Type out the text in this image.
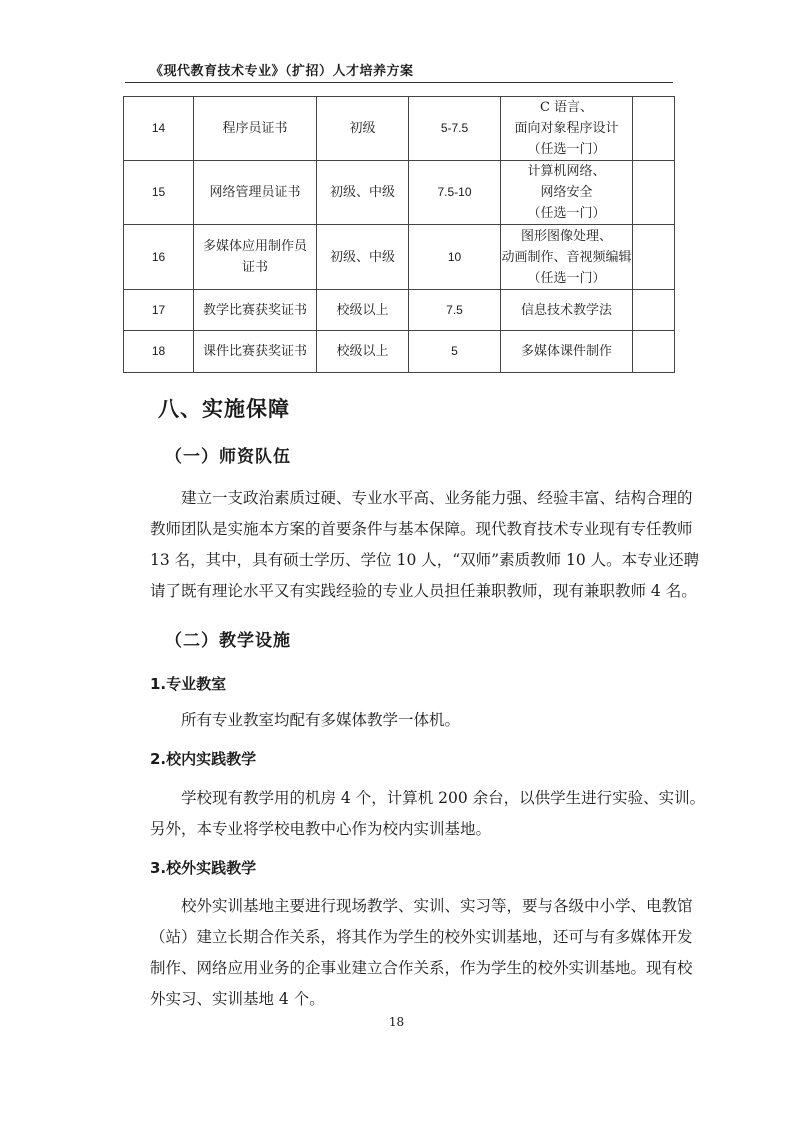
《现代教育技术专业》（扩招）人才培养方案
14	程序员证书	初级	5-7.5	C 语言、
面向对象程序设计
（任选一门）	

15	网络管理员证书	初级、中级	7.5-10	计算机网络、
网络安全
（任选一门）	

16	多媒体应用制作员
证书	初级、中级	10	图形图像处理、
动画制作、音视频编辑
（任选一门）	

17	教学比赛获奖证书	校级以上	7.5	信息技术教学法	

18	课件比赛获奖证书	校级以上	5	多媒体课件制作	

八、实施保障
（一）师资队伍

　　建立一支政治素质过硬、专业水平高、业务能力强、经验丰富、结构合理的

教师团队是实施本方案的首要条件与基本保障。现代教育技术专业现有专任教师

13 名，其中，具有硕士学历、学位 10 人，“双师”素质教师 10 人。本专业还聘

请了既有理论水平又有实践经验的专业人员担任兼职教师，现有兼职教师 4 名。

（二）教学设施
1.专业教室

　　所有专业教室均配有多媒体教学一体机。

2.校内实践教学

　　学校现有教学用的机房 4 个，计算机 200 余台，以供学生进行实验、实训。

另外，本专业将学校电教中心作为校内实训基地。

3.校外实践教学

　　校外实训基地主要进行现场教学、实训、实习等，要与各级中小学、电教馆

（站）建立长期合作关系，将其作为学生的校外实训基地，还可与有多媒体开发

制作、网络应用业务的企事业建立合作关系，作为学生的校外实训基地。现有校

外实习、实训基地 4 个。

18
